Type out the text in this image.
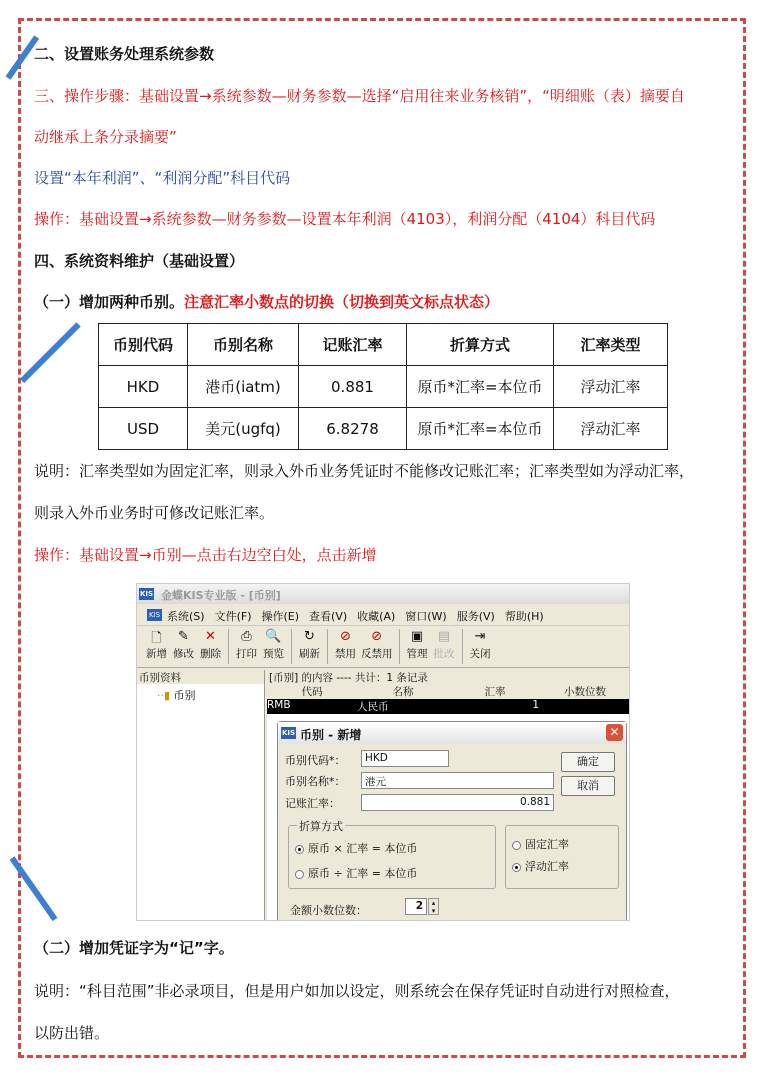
二、设置账务处理系统参数
三、操作步骤：基础设置→系统参数—财务参数—选择“启用往来业务核销”，“明细账（表）摘要自
动继承上条分录摘要”
设置“本年利润”、“利润分配”科目代码
操作：基础设置→系统参数—财务参数—设置本年利润（4103），利润分配（4104）科目代码
四、系统资料维护（基础设置）
（一）增加两种币别。注意汇率小数点的切换（切换到英文标点状态）
币别代码	币别名称	记账汇率	折算方式	汇率类型
HKD	港币(iatm)	0.881	原币*汇率=本位币	浮动汇率
USD	美元(ugfq)	6.8278	原币*汇率=本位币	浮动汇率
说明：汇率类型如为固定汇率，则录入外币业务凭证时不能修改记账汇率；汇率类型如为浮动汇率，
则录入外币业务时可修改记账汇率。
操作：基础设置→币别—点击右边空白处，点击新增
KIS 金蝶KIS专业版 - [币别]
KIS 系统(S) 文件(F) 操作(E) 查看(V) 收藏(A) 窗口(W) 服务(V) 帮助(H)
🗋
新增
✎
修改
✕
删除
⎙
打印
🔍
预览
↻
刷新
⊘
禁用
⊘
反禁用
▣
管理
▤
批改
⇥
关闭
币别资料
··▮ 币别
[币别] 的内容 ---- 共计：1 条记录
代码	名称	汇率	小数位数
RMB	人民币	1
KIS 币别 - 新增	✕
币别代码*：	HKD
币别名称*：	港元
记账汇率：	0.881
确定
取消
折算方式
原币 × 汇率 = 本位币
原币 ÷ 汇率 = 本位币
固定汇率
浮动汇率
金额小数位数：	2	▴
▾
（二）增加凭证字为“记”字。
说明：“科目范围”非必录项目，但是用户如加以设定，则系统会在保存凭证时自动进行对照检查，
以防出错。
